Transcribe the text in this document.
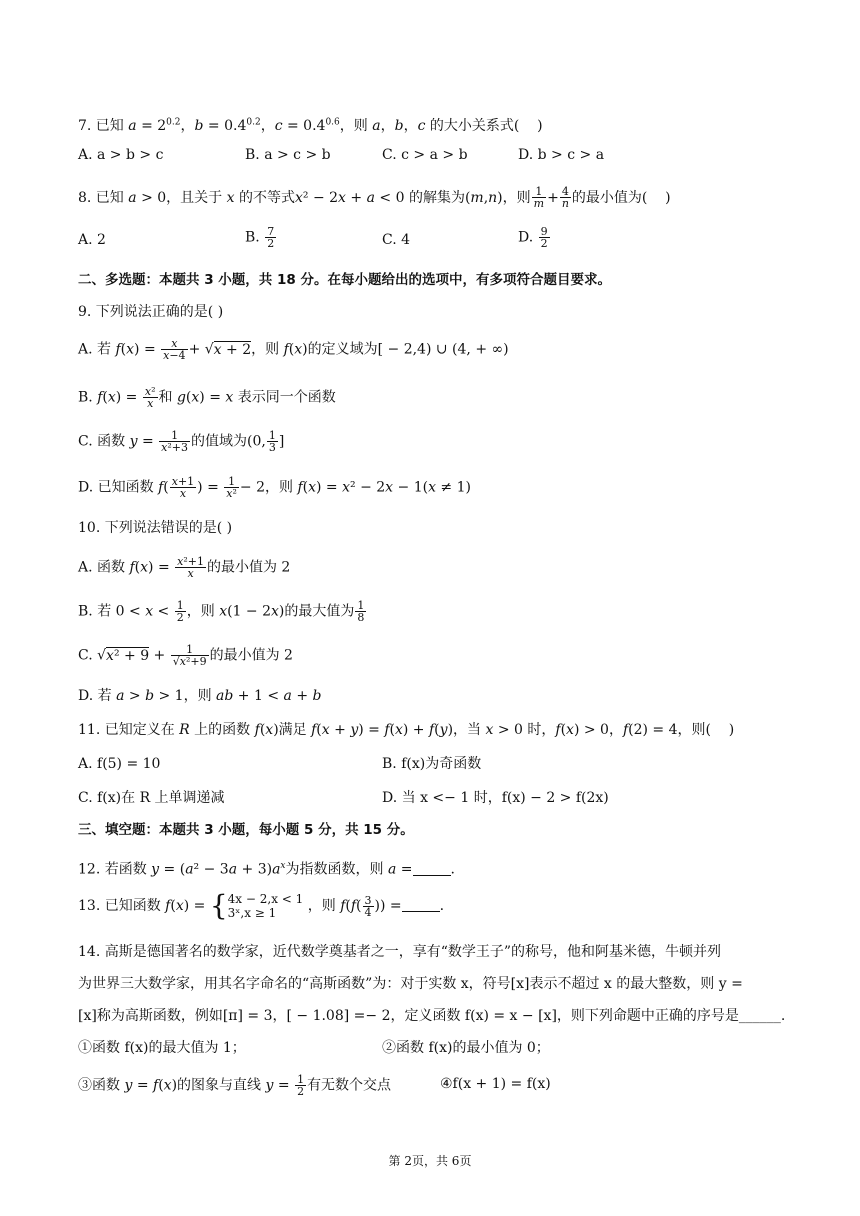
7. 已知 $a = 2^{0.2}$，$b = 0.4^{0.2}$，$c = 0.4^{0.6}$，则 a，b，c 的大小关系式(    )
A. a > b > c	B. a > c > b	C. c > a > b	D. b > c > a
8. 已知 a > 0，且关于 x 的不等式x² − 2x + a < 0 的解集为(m,n)，则 $\frac{1}{m} + \frac{4}{n}$ 的最小值为(    )
A. 2	B. $\frac{7}{2}$	C. 4	D. $\frac{9}{2}$
二、多选题：本题共 3 小题，共 18 分。在每小题给出的选项中，有多项符合题目要求。
9. 下列说法正确的是( )
A. 若 $f(x) = \frac{x}{x-4} + √x + 2$，则 f(x)的定义域为[ − 2,4) ∪ (4, + ∞)
B. $f(x) = \frac{\text{x²}}{x}$ 和 g(x) = x 表示同一个函数
C. 函数 $y = \frac{1}{\text{x²+3}}$ 的值域为(0, $\frac{1}{3}$ ]
D. 已知函数 $f( \frac{x+1}{x}$ ) = $\frac{1}{\text{x²}} - 2$，则 f(x) = x² − 2x − 1(x ≠ 1)
10. 下列说法错误的是( )
A. 函数 $f(x) = \frac{\text{x²+1}}{x}$ 的最小值为 2
B. 若 $0 < x < \frac{1}{2}$ ，则 x(1 − 2x)的最大值为 $\frac{1}{8}$
C. $√x^2 + 9 + \frac{1}{\text{√x²+9}}$ 的最小值为 2
D. 若 a > b > 1，则 ab + 1 < a + b
11. 已知定义在 R 上的函数 f(x)满足 f(x + y) = f(x) + f(y)，当 x > 0 时，f(x) > 0，f(2) = 4，则(    )
A. f(5) = 10	B. f(x)为奇函数
C. f(x)在 R 上单调递减	D. 当 x <− 1 时，f(x) − 2 > f(2x)
三、填空题：本题共 3 小题，每小题 5 分，共 15 分。
12. 若函数 $y = (a^2 - 3a + 3)a^x$为指数函数，则 a =	.
13. 已知函数 f(x) = { 4x − 2,x < 1
3ˣ,x ≥ 1	，则 $f(f( \frac{3}{4}$ )) =	.
14. 高斯是德国著名的数学家，近代数学奠基者之一，享有“数学王子”的称号，他和阿基米德，牛顿并列
为世界三大数学家，用其名字命名的“高斯函数”为：对于实数 x，符号[x]表示不超过 x 的最大整数，则 y =
[x]称为高斯函数，例如[π] = 3，[ − 1.08] =− 2，定义函数 f(x) = x − [x]，则下列命题中正确的序号是______.
①函数 f(x)的最大值为 1；	②函数 f(x)的最小值为 0；
③函数 y = f(x)的图象与直线 $y = \frac{1}{2}$ 有无数个交点	④f(x + 1) = f(x)
第 2页，共 6页
